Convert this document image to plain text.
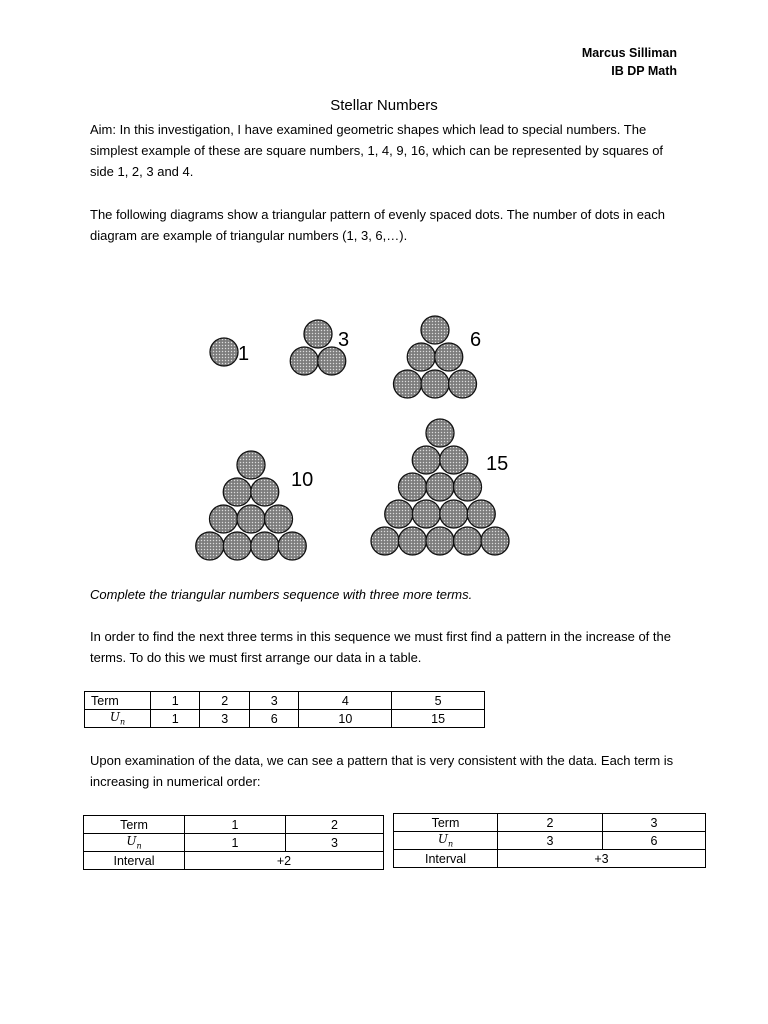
Marcus Silliman
IB DP Math
Stellar Numbers
Aim: In this investigation, I have examined geometric shapes which lead to special numbers. The simplest example of these are square numbers, 1, 4, 9, 16, which can be represented by squares of side 1, 2, 3 and 4.
The following diagrams show a triangular pattern of evenly spaced dots. The number of dots in each diagram are example of triangular numbers (1, 3, 6,…).
1
3	6
10
15
Complete the triangular numbers sequence with three more terms.
In order to find the next three terms in this sequence we must first find a pattern in the increase of the terms. To do this we must first arrange our data in a table.
Term	1	2	3	4	5
$U_n$	1	3	6	10	15
Upon examination of the data, we can see a pattern that is very consistent with the data. Each term is increasing in numerical order:
Term	1	2
$U_n$	1	3
Interval	+2	
Term	2	3
$U_n$	3	6
Interval	+3	
